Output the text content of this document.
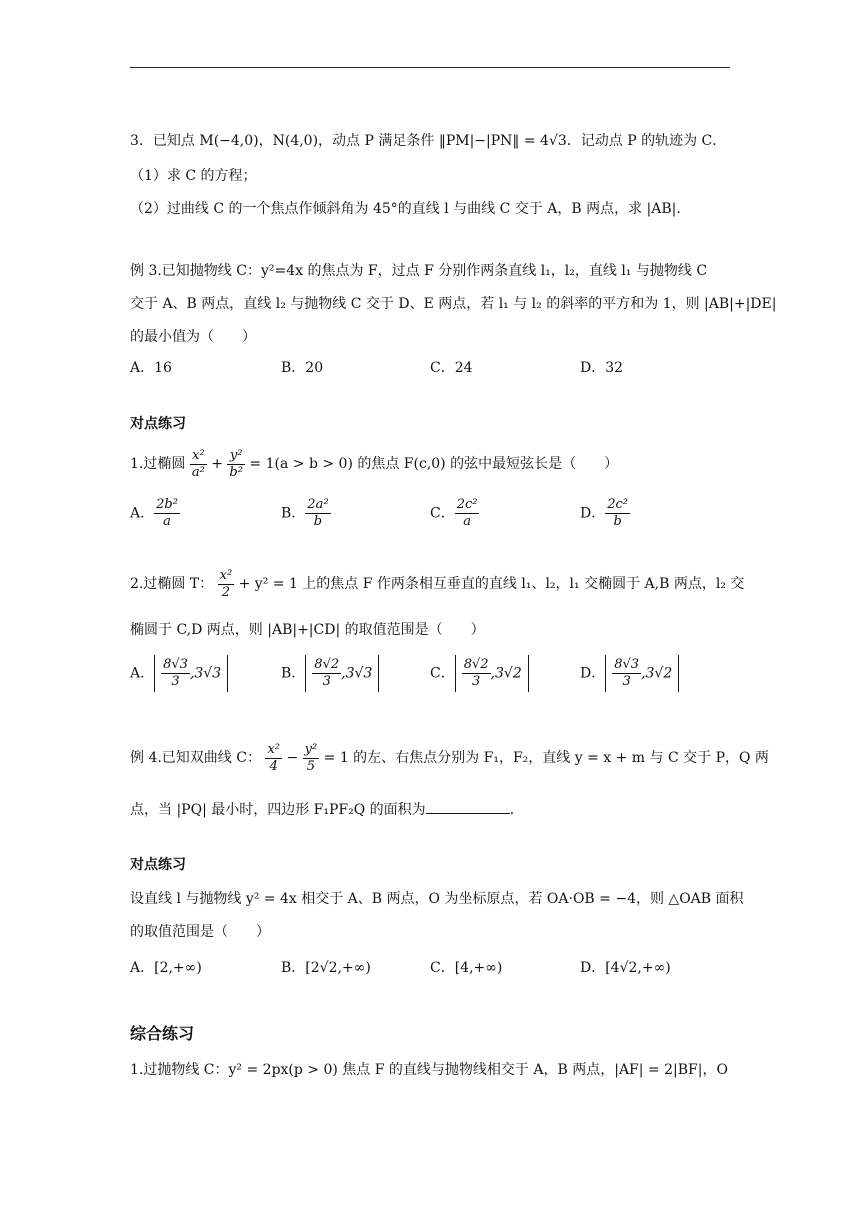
3．已知点 M(−4,0)，N(4,0)，动点 P 满足条件 ‖PM|−|PN‖ = 4√3．记动点 P 的轨迹为 C．
（1）求 C 的方程；
（2）过曲线 C 的一个焦点作倾斜角为 45°的直线 l 与曲线 C 交于 A，B 两点，求 |AB|．
例 3.已知抛物线 C：y²=4x 的焦点为 F，过点 F 分别作两条直线 l₁，l₂，直线 l₁ 与抛物线 C
交于 A、B 两点，直线 l₂ 与抛物线 C 交于 D、E 两点，若 l₁ 与 l₂ 的斜率的平方和为 1，则 |AB|+|DE|
的最小值为（　　）
A．16	B．20	C．24	D．32
对点练习
1.过椭圆 $\frac{\text{x²}}{\text{a²}} + \frac{\text{y²}}{\text{b²}} = 1(a > b > 0)$ 的焦点 F(c,0) 的弦中最短弦长是（　　）
A． $\frac{\text{2b²}}{a}$	B． $\frac{\text{2a²}}{b}$	C． $\frac{\text{2c²}}{a}$	D． $\frac{\text{2c²}}{b}$
2.过椭圆 T： $\frac{\text{x²}}{2} + y^2 = 1$ 上的焦点 F 作两条相互垂直的直线 l₁、l₂，l₁ 交椭圆于 A,B 两点，l₂ 交
椭圆于 C,D 两点，则 |AB|+|CD| 的取值范围是（　　）
A． $\frac{8√3}{3} ,3√3$	B． $\frac{8√2}{3} ,3√3$	C． $\frac{8√2}{3} ,3√2$	D． $\frac{8√3}{3} ,3√2$
例 4.已知双曲线 C： $\frac{\text{x²}}{4} - \frac{\text{y²}}{5} = 1$ 的左、右焦点分别为 F₁，F₂，直线 y = x + m 与 C 交于 P，Q 两
点，当 |PQ| 最小时，四边形 F₁PF₂Q 的面积为	.
对点练习
设直线 l 与抛物线 y² = 4x 相交于 A、B 两点，O 为坐标原点，若 OA·OB = −4，则 △OAB 面积
的取值范围是（　　）
A．[2,+∞)	B．[2√2,+∞)	C．[4,+∞)	D．[4√2,+∞)
综合练习
1.过抛物线 C：y² = 2px(p > 0) 焦点 F 的直线与抛物线相交于 A，B 两点，|AF| = 2|BF|，O
